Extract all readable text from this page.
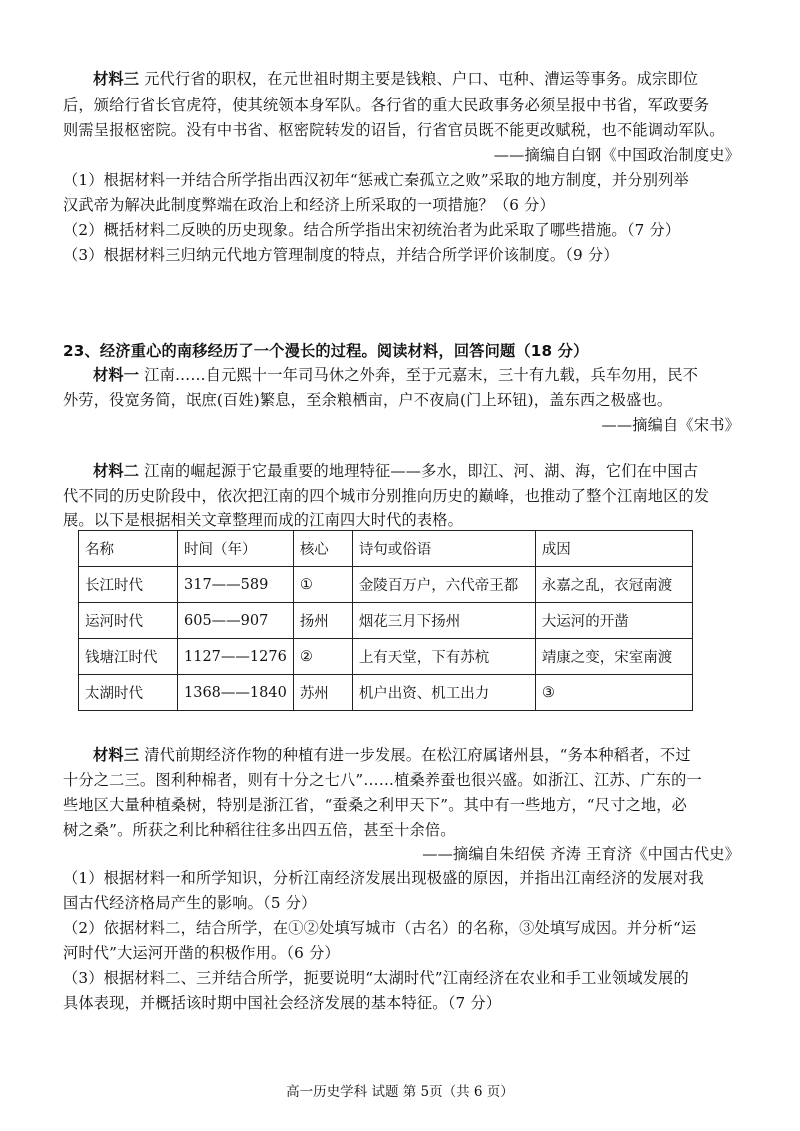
材料三 元代行省的职权，在元世祖时期主要是钱粮、户口、屯种、漕运等事务。成宗即位
后，颁给行省长官虎符，使其统领本身军队。各行省的重大民政事务必须呈报中书省，军政要务
则需呈报枢密院。没有中书省、枢密院转发的诏旨，行省官员既不能更改赋税，也不能调动军队。
——摘编自白钢《中国政治制度史》
（1）根据材料一并结合所学指出西汉初年“惩戒亡秦孤立之败”采取的地方制度，并分别列举
汉武帝为解决此制度弊端在政治上和经济上所采取的一项措施？（6 分）
（2）概括材料二反映的历史现象。结合所学指出宋初统治者为此采取了哪些措施。（7 分）
（3）根据材料三归纳元代地方管理制度的特点，并结合所学评价该制度。（9 分）
23、经济重心的南移经历了一个漫长的过程。阅读材料，回答问题（18 分）
材料一 江南……自元熙十一年司马休之外奔，至于元嘉末，三十有九载，兵车勿用，民不
外劳，役宽务简，氓庶(百姓)繁息，至余粮栖亩，户不夜扃(门上环钮)，盖东西之极盛也。
——摘编自《宋书》
材料二 江南的崛起源于它最重要的地理特征——多水，即江、河、湖、海，它们在中国古
代不同的历史阶段中，依次把江南的四个城市分别推向历史的巅峰，也推动了整个江南地区的发
展。以下是根据相关文章整理而成的江南四大时代的表格。
名称	时间（年）	核心	诗句或俗语	成因
长江时代	317——589	①	金陵百万户，六代帝王都	永嘉之乱，衣冠南渡
运河时代	605——907	扬州	烟花三月下扬州	大运河的开凿
钱塘江时代	1127——1276	②	上有天堂，下有苏杭	靖康之变，宋室南渡
太湖时代	1368——1840	苏州	机户出资、机工出力	③
材料三 清代前期经济作物的种植有进一步发展。在松江府属诸州县，“务本种稻者，不过
十分之二三。图利种棉者，则有十分之七八”……植桑养蚕也很兴盛。如浙江、江苏、广东的一
些地区大量种植桑树，特别是浙江省，“蚕桑之利甲天下”。其中有一些地方，“尺寸之地，必
树之桑”。所获之利比种稻往往多出四五倍，甚至十余倍。
——摘编自朱绍侯 齐涛 王育济《中国古代史》
（1）根据材料一和所学知识，分析江南经济发展出现极盛的原因，并指出江南经济的发展对我
国古代经济格局产生的影响。（5 分）
（2）依据材料二，结合所学，在①②处填写城市（古名）的名称，③处填写成因。并分析“运
河时代”大运河开凿的积极作用。（6 分）
（3）根据材料二、三并结合所学，扼要说明“太湖时代”江南经济在农业和手工业领域发展的
具体表现，并概括该时期中国社会经济发展的基本特征。（7 分）
高一历史学科 试题 第 5页（共 6 页）
